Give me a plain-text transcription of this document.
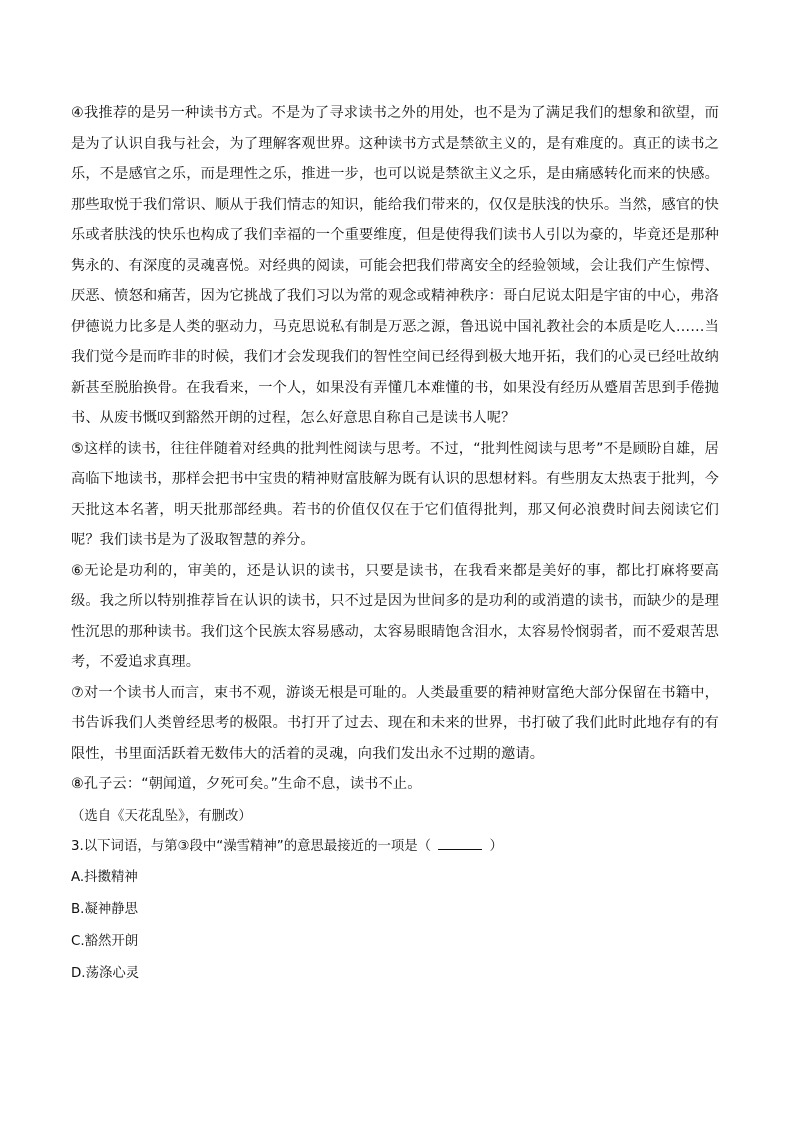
④我推荐的是另一种读书方式。不是为了寻求读书之外的用处，也不是为了满足我们的想象和欲望，而是为了认识自我与社会，为了理解客观世界。这种读书方式是禁欲主义的，是有难度的。真正的读书之乐，不是感官之乐，而是理性之乐，推进一步，也可以说是禁欲主义之乐，是由痛感转化而来的快感。那些取悦于我们常识、顺从于我们情志的知识，能给我们带来的，仅仅是肤浅的快乐。当然，感官的快乐或者肤浅的快乐也构成了我们幸福的一个重要维度，但是使得我们读书人引以为豪的，毕竟还是那种隽永的、有深度的灵魂喜悦。对经典的阅读，可能会把我们带离安全的经验领域，会让我们产生惊愕、厌恶、愤怒和痛苦，因为它挑战了我们习以为常的观念或精神秩序：哥白尼说太阳是宇宙的中心，弗洛伊德说力比多是人类的驱动力，马克思说私有制是万恶之源，鲁迅说中国礼教社会的本质是吃人……当我们觉今是而昨非的时候，我们才会发现我们的智性空间已经得到极大地开拓，我们的心灵已经吐故纳新甚至脱胎换骨。在我看来，一个人，如果没有弄懂几本难懂的书，如果没有经历从蹙眉苦思到手倦抛书、从废书慨叹到豁然开朗的过程，怎么好意思自称自己是读书人呢？

⑤这样的读书，往往伴随着对经典的批判性阅读与思考。不过，“批判性阅读与思考”不是顾盼自雄，居高临下地读书，那样会把书中宝贵的精神财富肢解为既有认识的思想材料。有些朋友太热衷于批判，今天批这本名著，明天批那部经典。若书的价值仅仅在于它们值得批判，那又何必浪费时间去阅读它们呢？我们读书是为了汲取智慧的养分。

⑥无论是功利的，审美的，还是认识的读书，只要是读书，在我看来都是美好的事，都比打麻将要高级。我之所以特别推荐旨在认识的读书，只不过是因为世间多的是功利的或消遣的读书，而缺少的是理性沉思的那种读书。我们这个民族太容易感动，太容易眼睛饱含泪水，太容易怜悯弱者，而不爱艰苦思考，不爱追求真理。

⑦对一个读书人而言，束书不观，游谈无根是可耻的。人类最重要的精神财富绝大部分保留在书籍中，书告诉我们人类曾经思考的极限。书打开了过去、现在和未来的世界，书打破了我们此时此地存有的有限性，书里面活跃着无数伟大的活着的灵魂，向我们发出永不过期的邀请。

⑧孔子云：“朝闻道，夕死可矣。”生命不息，读书不止。

（选自《天花乱坠》，有删改）

3.以下词语，与第③段中“澡雪精神”的意思最接近的一项是（	）

A.抖擞精神

B.凝神静思

C.豁然开朗

D.荡涤心灵
